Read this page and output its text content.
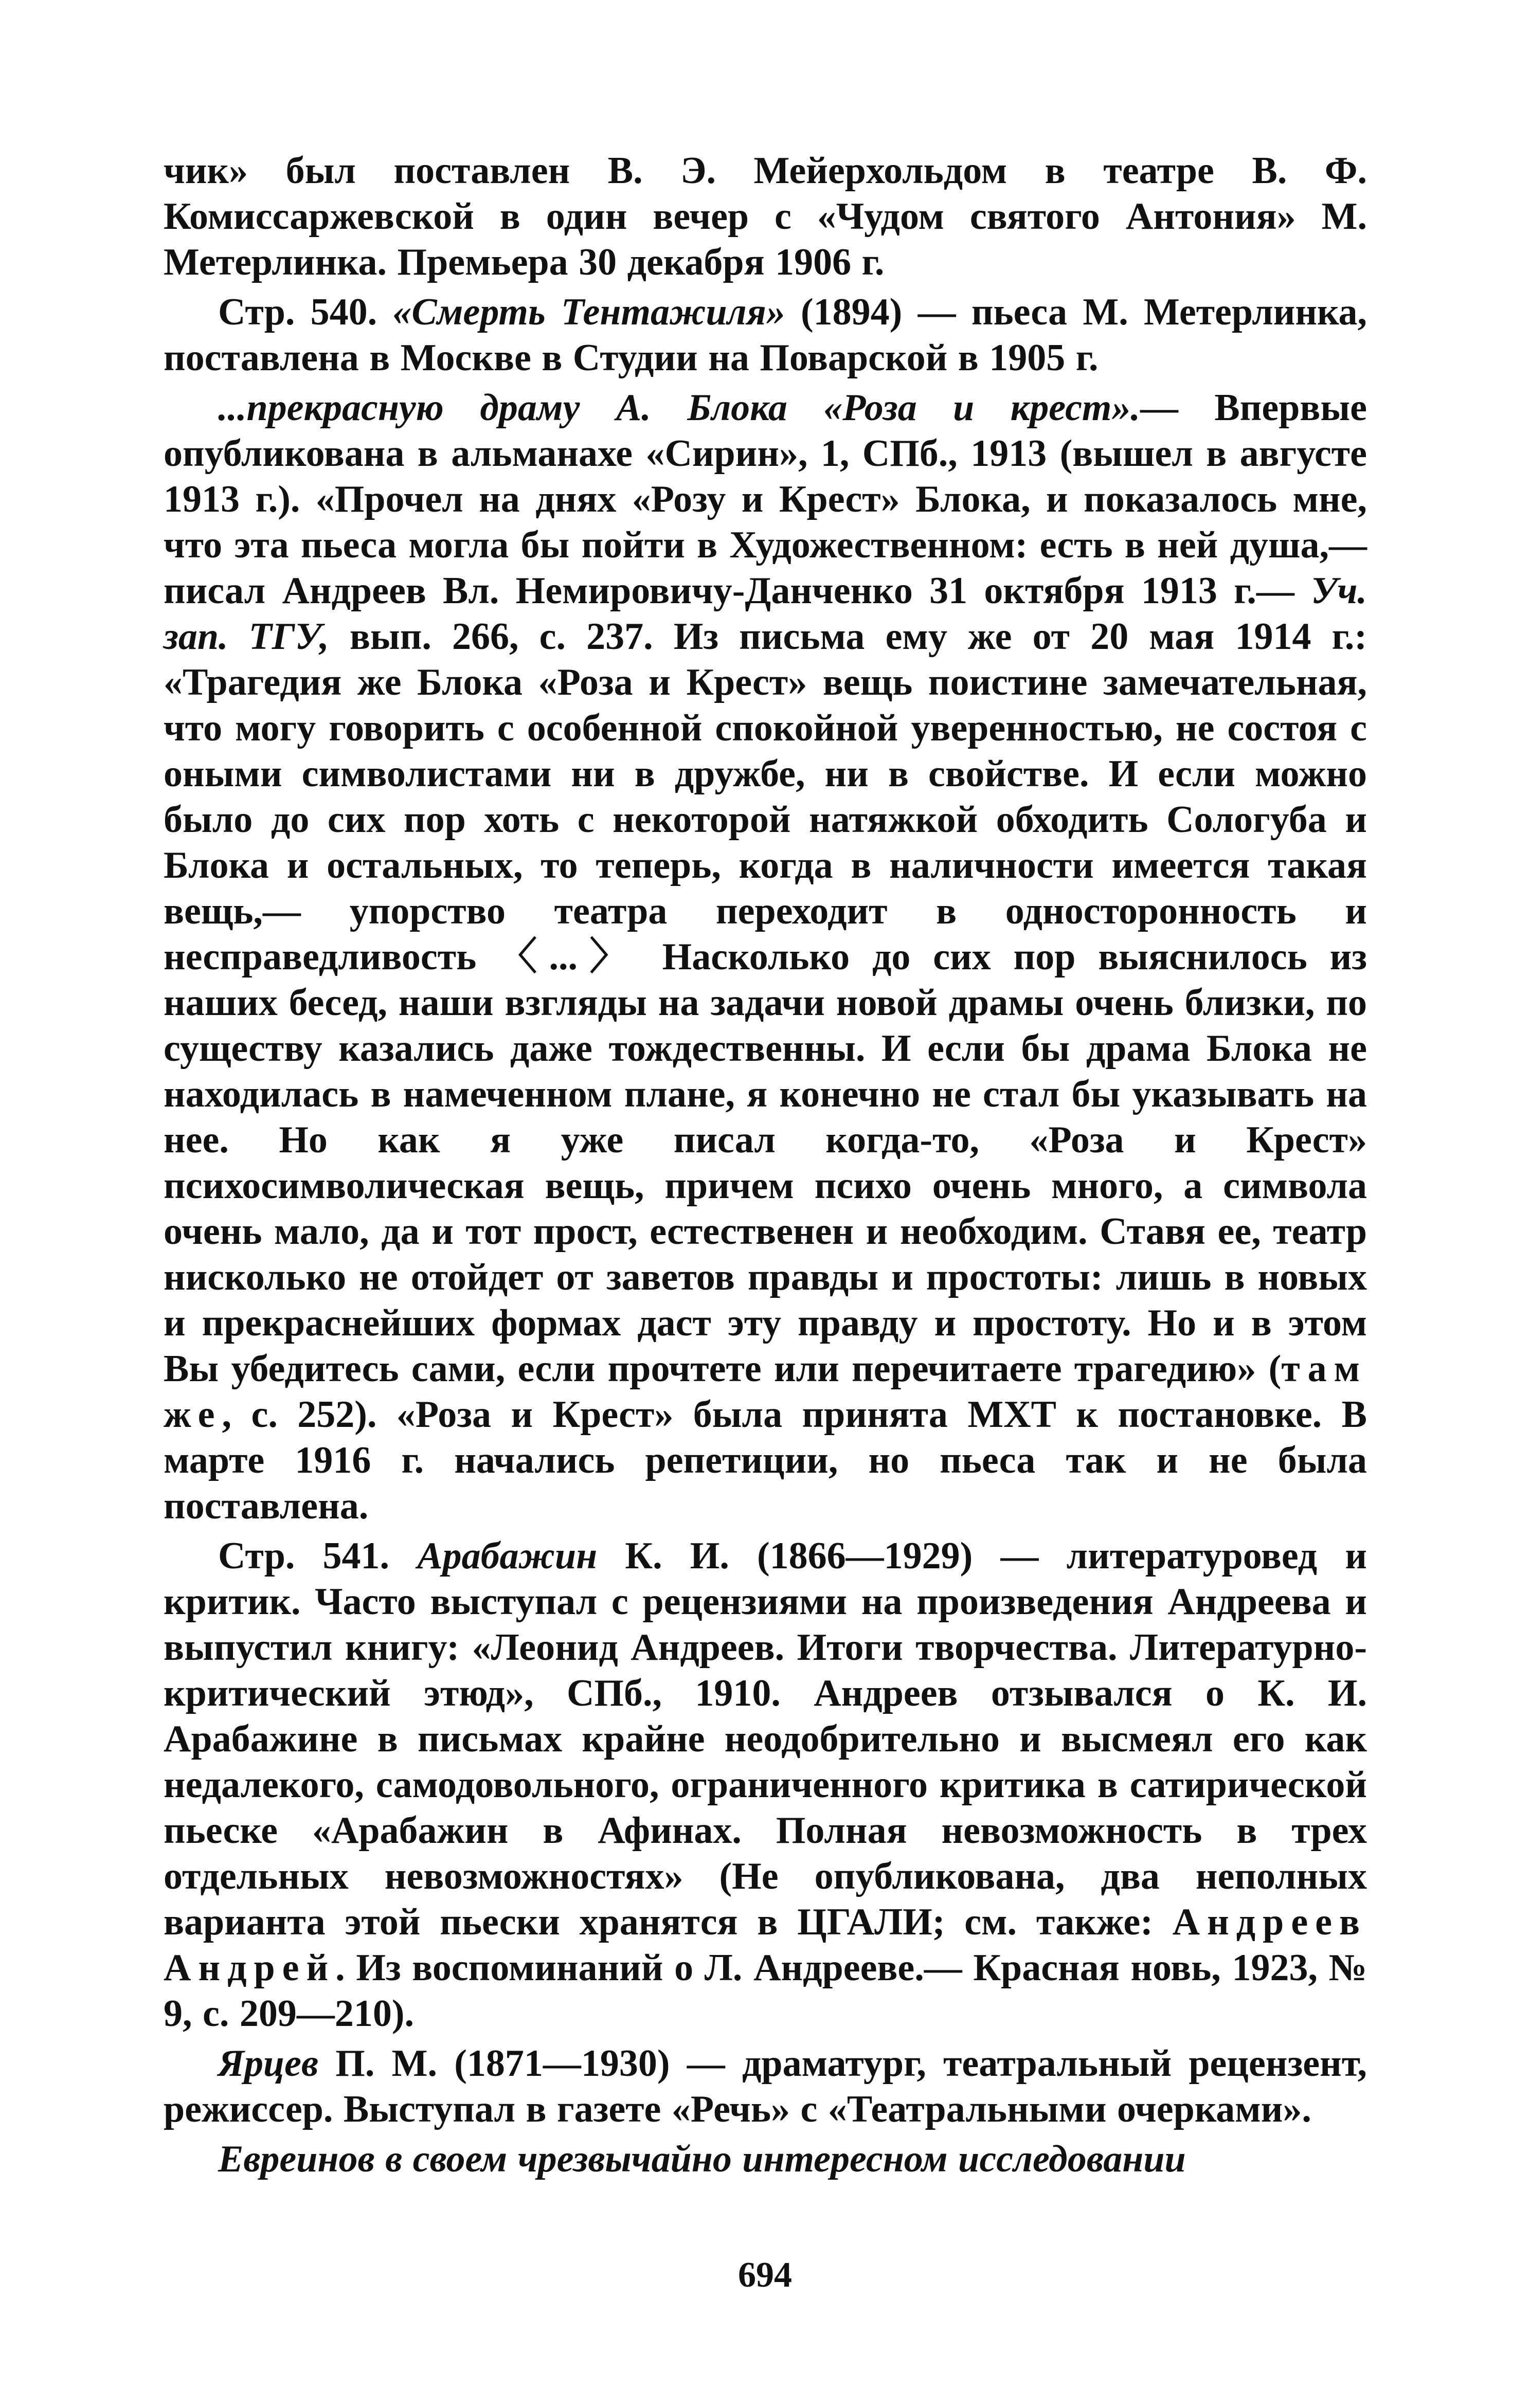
чик» был поставлен В. Э. Мейерхольдом в театре В. Ф. Комиссаржевской в один вечер с «Чудом святого Антония» М. Метерлинка. Премьера 30 декабря 1906 г.

Стр. 540. «Смерть Тентажиля» (1894) — пьеса М. Метерлинка, поставлена в Москве в Студии на Поварской в 1905 г.

...прекрасную драму А. Блока «Роза и крест».— Впервые опубликована в альманахе «Сирин», 1, СПб., 1913 (вышел в августе 1913 г.). «Прочел на днях «Розу и Крест» Блока, и показалось мне, что эта пьеса могла бы пойти в Художественном: есть в ней душа,— писал Андреев Вл. Немировичу-Данченко 31 октября 1913 г.— Уч. зап. ТГУ, вып. 266, с. 237. Из письма ему же от 20 мая 1914 г.: «Трагедия же Блока «Роза и Крест» вещь поистине замечательная, что могу говорить с особенной спокойной уверенностью, не состоя с оными символистами ни в дружбе, ни в свойстве. И если можно было до сих пор хоть с некоторой натяжкой обходить Сологуба и Блока и остальных, то теперь, когда в наличности имеется такая вещь,— упорство театра переходит в односторонность и несправедливость 〈...〉 Насколько до сих пор выяснилось из наших бесед, наши взгляды на задачи новой драмы очень близки, по существу казались даже тождественны. И если бы драма Блока не находилась в намеченном плане, я конечно не стал бы указывать на нее. Но как я уже писал когда-то, «Роза и Крест» психосимволическая вещь, причем психо очень много, а символа очень мало, да и тот прост, естественен и необходим. Ставя ее, театр нисколько не отойдет от заветов правды и простоты: лишь в новых и прекраснейших формах даст эту правду и простоту. Но и в этом Вы убедитесь сами, если прочтете или перечитаете трагедию» (там же, с. 252). «Роза и Крест» была принята МХТ к постановке. В марте 1916 г. начались репетиции, но пьеса так и не была поставлена.

Стр. 541. Арабажин К. И. (1866—1929) — литературовед и критик. Часто выступал с рецензиями на произведения Андреева и выпустил книгу: «Леонид Андреев. Итоги творчества. Литературно-критический этюд», СПб., 1910. Андреев отзывался о К. И. Арабажине в письмах крайне неодобрительно и высмеял его как недалекого, самодовольного, ограниченного критика в сатирической пьеске «Арабажин в Афинах. Полная невозможность в трех отдельных невозможностях» (Не опубликована, два неполных варианта этой пьески хранятся в ЦГАЛИ; см. также: Андреев Андрей. Из воспоминаний о Л. Андрееве.— Красная новь, 1923, № 9, с. 209—210).

Ярцев П. М. (1871—1930) — драматург, театральный рецензент, режиссер. Выступал в газете «Речь» с «Театральными очерками».

Евреинов в своем чрезвычайно интересном исследовании

694
